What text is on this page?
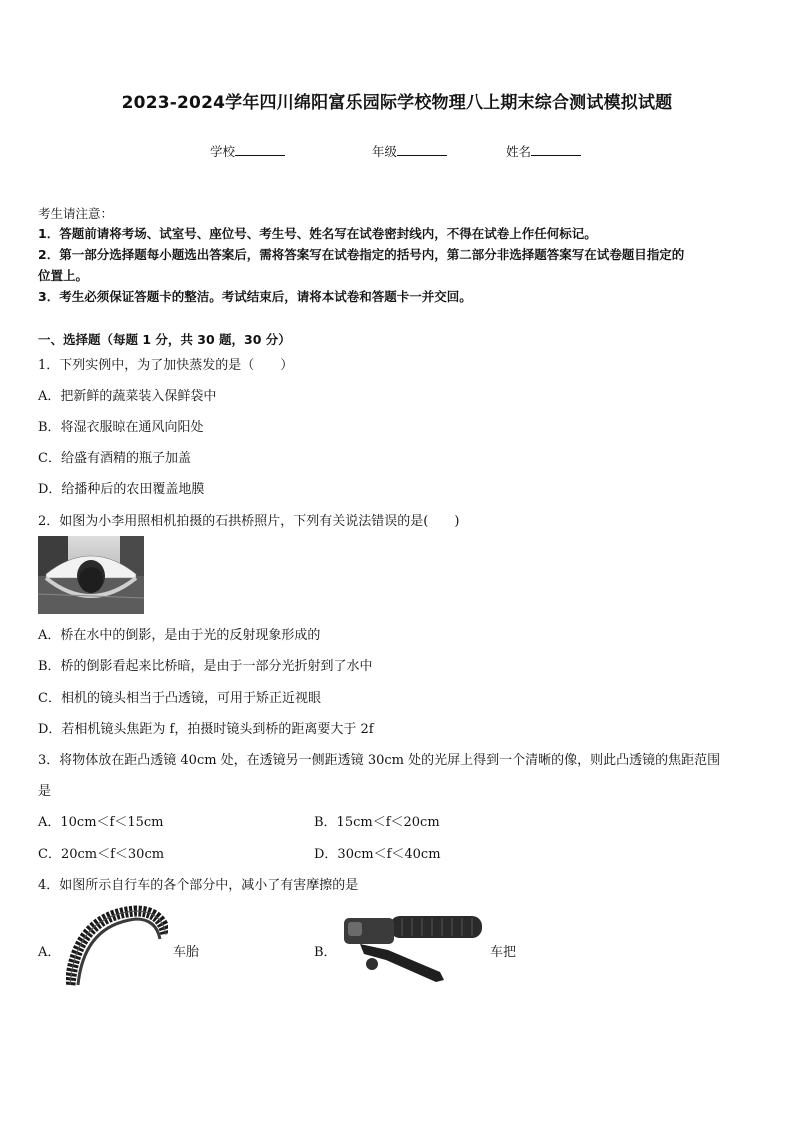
2023-2024学年四川绵阳富乐园际学校物理八上期末综合测试模拟试题
学校	年级	姓名
考生请注意：
1．答题前请将考场、试室号、座位号、考生号、姓名写在试卷密封线内，不得在试卷上作任何标记。
2．第一部分选择题每小题选出答案后，需将答案写在试卷指定的括号内，第二部分非选择题答案写在试卷题目指定的
位置上。
3．考生必须保证答题卡的整洁。考试结束后，请将本试卷和答题卡一并交回。
一、选择题（每题 1 分，共 30 题，30 分）
1．下列实例中，为了加快蒸发的是（　　）
A．把新鲜的蔬菜装入保鲜袋中
B．将湿衣服晾在通风向阳处
C．给盛有酒精的瓶子加盖
D．给播种后的农田覆盖地膜
2．如图为小李用照相机拍摄的石拱桥照片，下列有关说法错误的是(　　)
A．桥在水中的倒影，是由于光的反射现象形成的
B．桥的倒影看起来比桥暗，是由于一部分光折射到了水中
C．相机的镜头相当于凸透镜，可用于矫正近视眼
D．若相机镜头焦距为 f，拍摄时镜头到桥的距离要大于 2f
3．将物体放在距凸透镜 40cm 处，在透镜另一侧距透镜 30cm 处的光屏上得到一个清晰的像，则此凸透镜的焦距范围
是
A．10cm＜f＜15cm	B．15cm＜f＜20cm
C．20cm＜f＜30cm	D．30cm＜f＜40cm
4．如图所示自行车的各个部分中，减小了有害摩擦的是
A．	车胎	B．	车把
